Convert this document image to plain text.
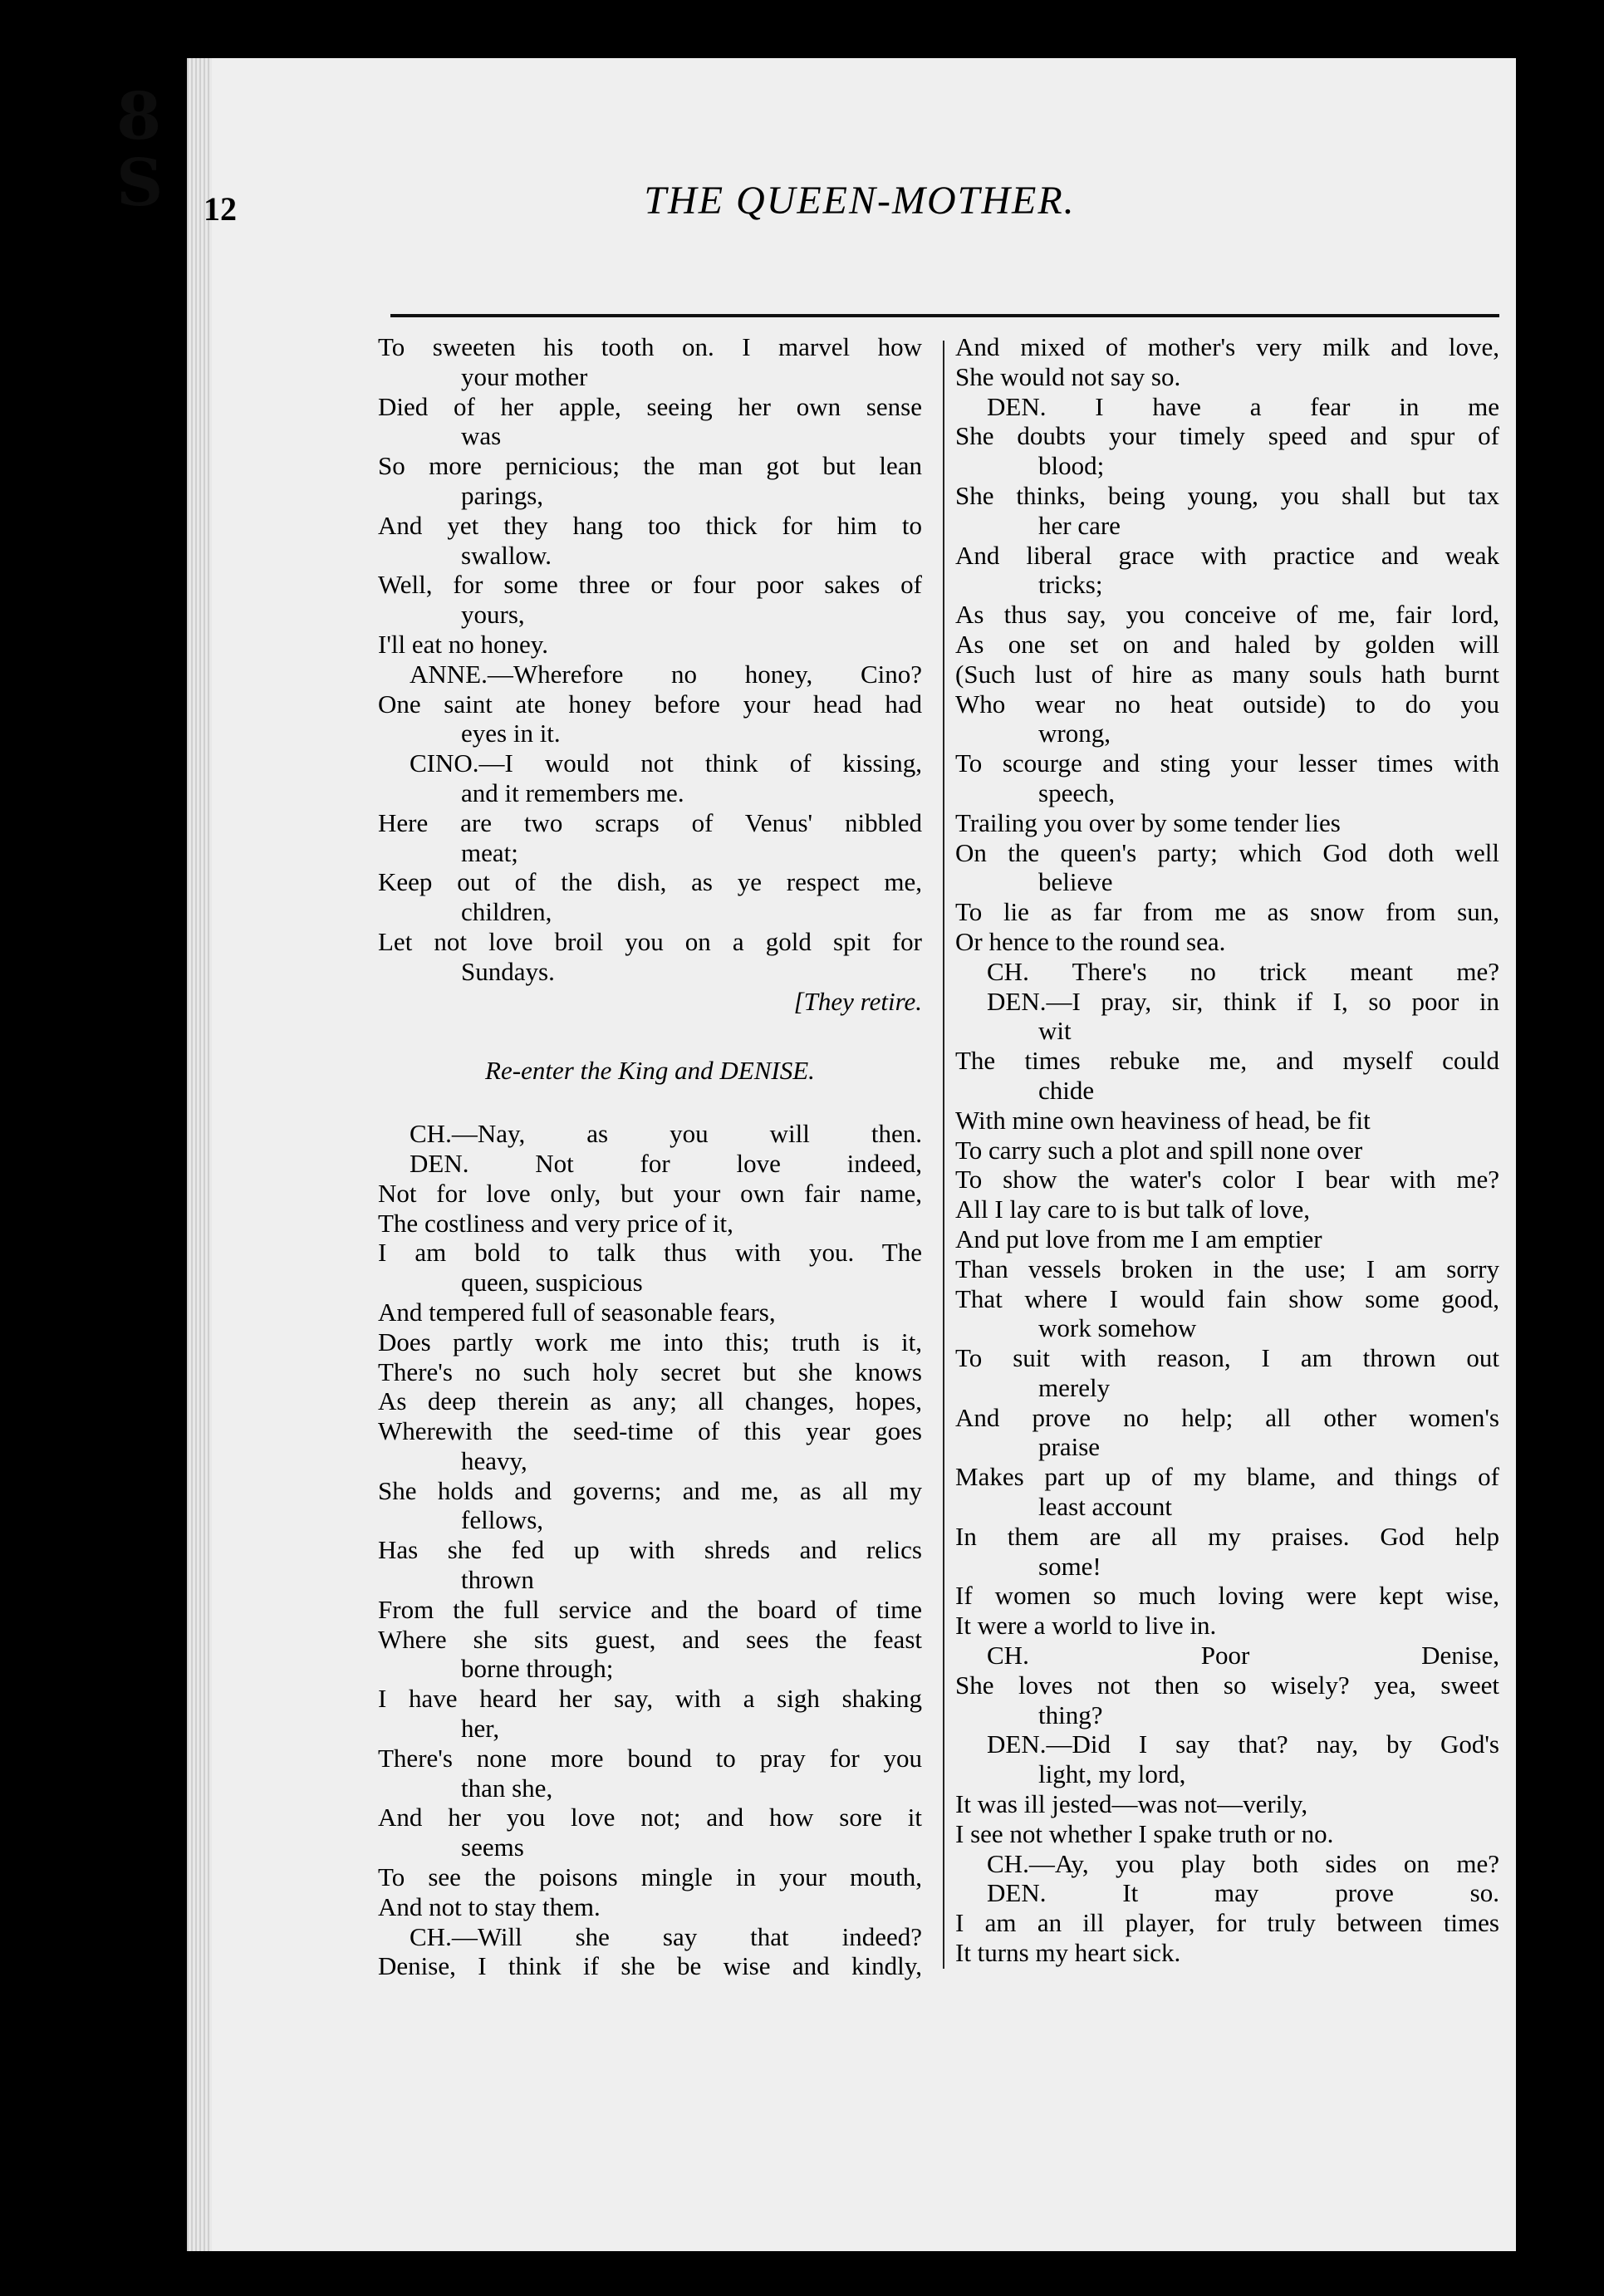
8
S 12	THE QUEEN-MOTHER.
To sweeten his tooth on. I marvel how
your mother
Died of her apple, seeing her own sense
was
So more pernicious; the man got but lean
parings,
And yet they hang too thick for him to
swallow.
Well, for some three or four poor sakes of
yours,
I'll eat no honey.
ANNE.—Wherefore no honey, Cino?
One saint ate honey before your head had
eyes in it.
CINO.—I would not think of kissing,
and it remembers me.
Here are two scraps of Venus' nibbled
meat;
Keep out of the dish, as ye respect me,
children,
Let not love broil you on a gold spit for
Sundays.
[They retire.
Re-enter the King and DENISE.
CH.—Nay, as you will then.
DEN. Not for love indeed,
Not for love only, but your own fair name,
The costliness and very price of it,
I am bold to talk thus with you. The
queen, suspicious
And tempered full of seasonable fears,
Does partly work me into this; truth is it,
There's no such holy secret but she knows
As deep therein as any; all changes, hopes,
Wherewith the seed-time of this year goes
heavy,
She holds and governs; and me, as all my
fellows,
Has she fed up with shreds and relics
thrown
From the full service and the board of time
Where she sits guest, and sees the feast
borne through;
I have heard her say, with a sigh shaking
her,
There's none more bound to pray for you
than she,
And her you love not; and how sore it
seems
To see the poisons mingle in your mouth,
And not to stay them.
CH.—Will she say that indeed?
Denise, I think if she be wise and kindly,
And mixed of mother's very milk and love,
She would not say so.
DEN. I have a fear in me
She doubts your timely speed and spur of
blood;
She thinks, being young, you shall but tax
her care
And liberal grace with practice and weak
tricks;
As thus say, you conceive of me, fair lord,
As one set on and haled by golden will
(Such lust of hire as many souls hath burnt
Who wear no heat outside) to do you
wrong,
To scourge and sting your lesser times with
speech,
Trailing you over by some tender lies
On the queen's party; which God doth well
believe
To lie as far from me as snow from sun,
Or hence to the round sea.
CH. There's no trick meant me?
DEN.—I pray, sir, think if I, so poor in
wit
The times rebuke me, and myself could
chide
With mine own heaviness of head, be fit
To carry such a plot and spill none over
To show the water's color I bear with me?
All I lay care to is but talk of love,
And put love from me I am emptier
Than vessels broken in the use; I am sorry
That where I would fain show some good,
work somehow
To suit with reason, I am thrown out
merely
And prove no help; all other women's
praise
Makes part up of my blame, and things of
least account
In them are all my praises. God help
some!
If women so much loving were kept wise,
It were a world to live in.
CH. Poor Denise,
She loves not then so wisely? yea, sweet
thing?
DEN.—Did I say that? nay, by God's
light, my lord,
It was ill jested—was not—verily,
I see not whether I spake truth or no.
CH.—Ay, you play both sides on me?
DEN. It may prove so.
I am an ill player, for truly between times
It turns my heart sick.
